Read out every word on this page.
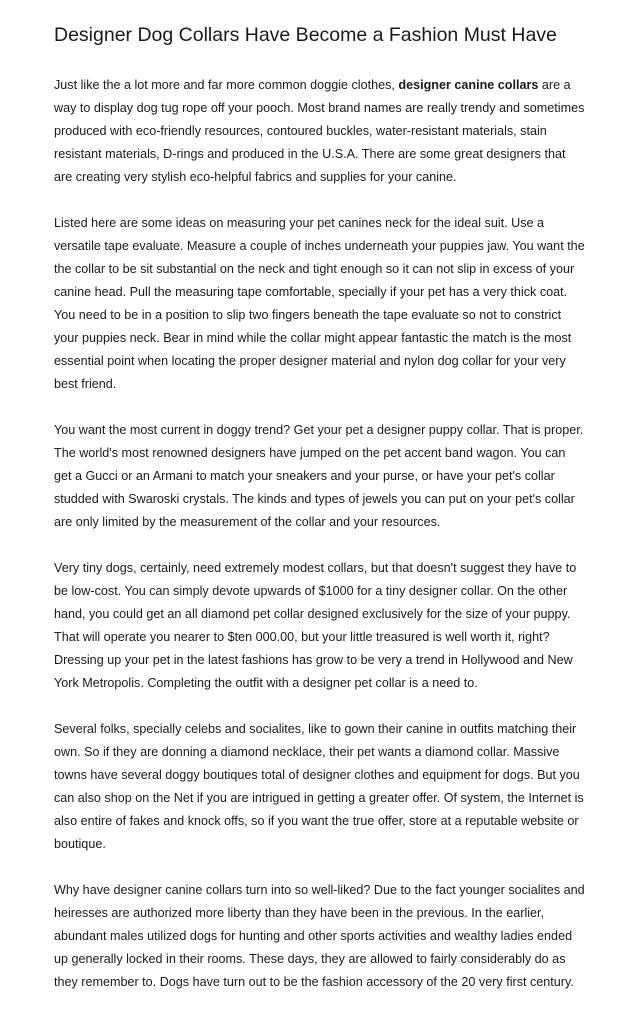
Designer Dog Collars Have Become a Fashion Must Have

Just like the a lot more and far more common doggie clothes, designer canine collars are a way to display dog tug rope off your pooch. Most brand names are really trendy and sometimes produced with eco-friendly resources, contoured buckles, water-resistant materials, stain resistant materials, D-rings and produced in the U.S.A. There are some great designers that are creating very stylish eco-helpful fabrics and supplies for your canine.

Listed here are some ideas on measuring your pet canines neck for the ideal suit. Use a versatile tape evaluate. Measure a couple of inches underneath your puppies jaw. You want the the collar to be sit substantial on the neck and tight enough so it can not slip in excess of your canine head. Pull the measuring tape comfortable, specially if your pet has a very thick coat. You need to be in a position to slip two fingers beneath the tape evaluate so not to constrict your puppies neck. Bear in mind while the collar might appear fantastic the match is the most essential point when locating the proper designer material and nylon dog collar for your very best friend.

You want the most current in doggy trend? Get your pet a designer puppy collar. That is proper. The world's most renowned designers have jumped on the pet accent band wagon. You can get a Gucci or an Armani to match your sneakers and your purse, or have your pet's collar studded with Swaroski crystals. The kinds and types of jewels you can put on your pet's collar are only limited by the measurement of the collar and your resources.

Very tiny dogs, certainly, need extremely modest collars, but that doesn't suggest they have to be low-cost. You can simply devote upwards of $1000 for a tiny designer collar. On the other hand, you could get an all diamond pet collar designed exclusively for the size of your puppy. That will operate you nearer to $ten 000.00, but your little treasured is well worth it, right? Dressing up your pet in the latest fashions has grow to be very a trend in Hollywood and New York Metropolis. Completing the outfit with a designer pet collar is a need to.

Several folks, specially celebs and socialites, like to gown their canine in outfits matching their own. So if they are donning a diamond necklace, their pet wants a diamond collar. Massive towns have several doggy boutiques total of designer clothes and equipment for dogs. But you can also shop on the Net if you are intrigued in getting a greater offer. Of system, the Internet is also entire of fakes and knock offs, so if you want the true offer, store at a reputable website or boutique.

Why have designer canine collars turn into so well-liked? Due to the fact younger socialites and heiresses are authorized more liberty than they have been in the previous. In the earlier, abundant males utilized dogs for hunting and other sports activities and wealthy ladies ended up generally locked in their rooms. These days, they are allowed to fairly considerably do as they remember to. Dogs have turn out to be the fashion accessory of the 20 very first century.
